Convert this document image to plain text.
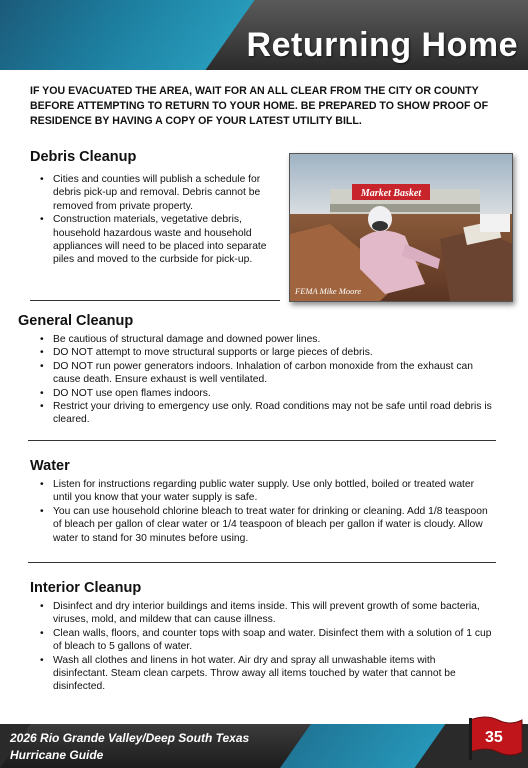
Returning Home
IF YOU EVACUATED THE AREA, WAIT FOR AN ALL CLEAR FROM THE CITY OR COUNTY BEFORE ATTEMPTING TO RETURN TO YOUR HOME. BE PREPARED TO SHOW PROOF OF RESIDENCE BY HAVING A COPY OF YOUR LATEST UTILITY BILL.
Debris Cleanup
• Cities and counties will publish a schedule for debris pick-up and removal. Debris cannot be removed from private property.
• Construction materials, vegetative debris, household hazardous waste and household appliances will need to be placed into separate piles and moved to the curbside for pick-up.
Market Basket
FEMA Mike Moore
General Cleanup
• Be cautious of structural damage and downed power lines.
• DO NOT attempt to move structural supports or large pieces of debris.
• DO NOT run power generators indoors. Inhalation of carbon monoxide from the exhaust can cause death. Ensure exhaust is well ventilated.
• DO NOT use open flames indoors.
• Restrict your driving to emergency use only. Road conditions may not be safe until road debris is cleared.
Water
• Listen for instructions regarding public water supply. Use only bottled, boiled or treated water until you know that your water supply is safe.
• You can use household chlorine bleach to treat water for drinking or cleaning. Add 1/8 teaspoon of bleach per gallon of clear water or 1/4 teaspoon of bleach per gallon if water is cloudy. Allow water to stand for 30 minutes before using.
Interior Cleanup
• Disinfect and dry interior buildings and items inside. This will prevent growth of some bacteria, viruses, mold, and mildew that can cause illness.
• Clean walls, floors, and counter tops with soap and water. Disinfect them with a solution of 1 cup of bleach to 5 gallons of water.
• Wash all clothes and linens in hot water. Air dry and spray all unwashable items with disinfectant. Steam clean carpets. Throw away all items touched by water that cannot be disinfected.
2026 Rio Grande Valley/Deep South Texas
Hurricane Guide
35
